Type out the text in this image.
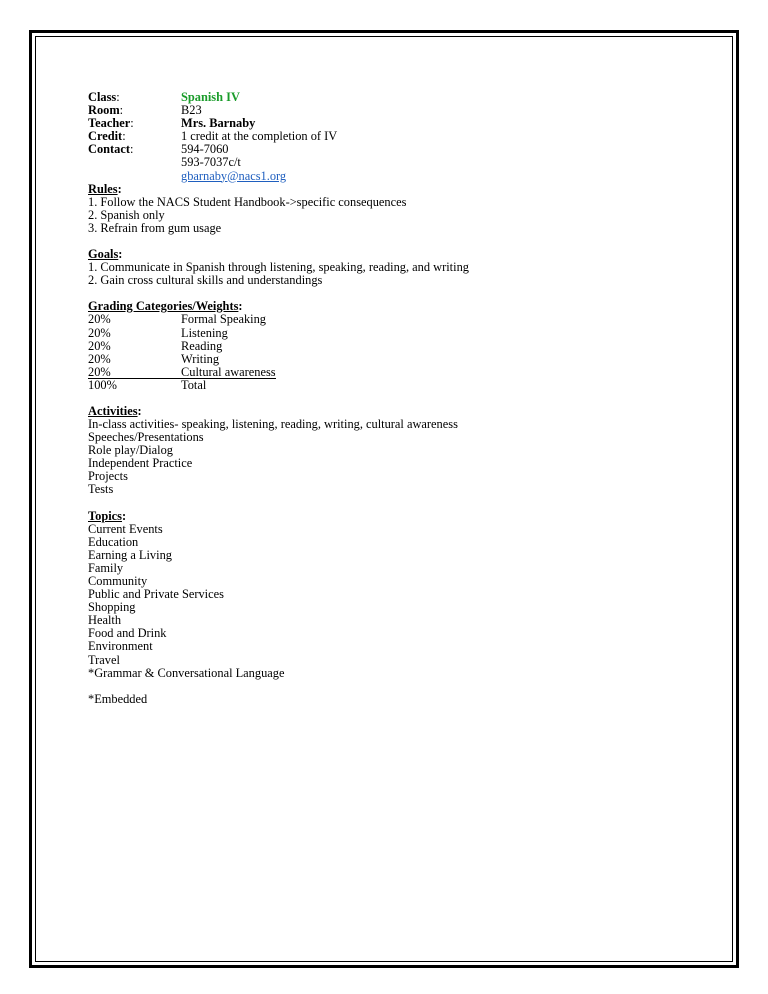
Class:	Spanish IV
Room:	B23
Teacher:	Mrs. Barnaby
Credit:	1 credit at the completion of IV
Contact:	594-7060
593-7037c/t
gbarnaby@nacs1.org
Rules:
1. Follow the NACS Student Handbook->specific consequences
2. Spanish only
3. Refrain from gum usage
Goals:
1. Communicate in Spanish through listening, speaking, reading, and writing
2. Gain cross cultural skills and understandings
Grading Categories/Weights:
20%	Formal Speaking
20%	Listening
20%	Reading
20%	Writing
20%	Cultural awareness
100%	Total
Activities:
In-class activities- speaking, listening, reading, writing, cultural awareness
Speeches/Presentations
Role play/Dialog
Independent Practice
Projects
Tests
Topics:
Current Events
Education
Earning a Living
Family
Community
Public and Private Services
Shopping
Health
Food and Drink
Environment
Travel
*Grammar & Conversational Language
*Embedded
